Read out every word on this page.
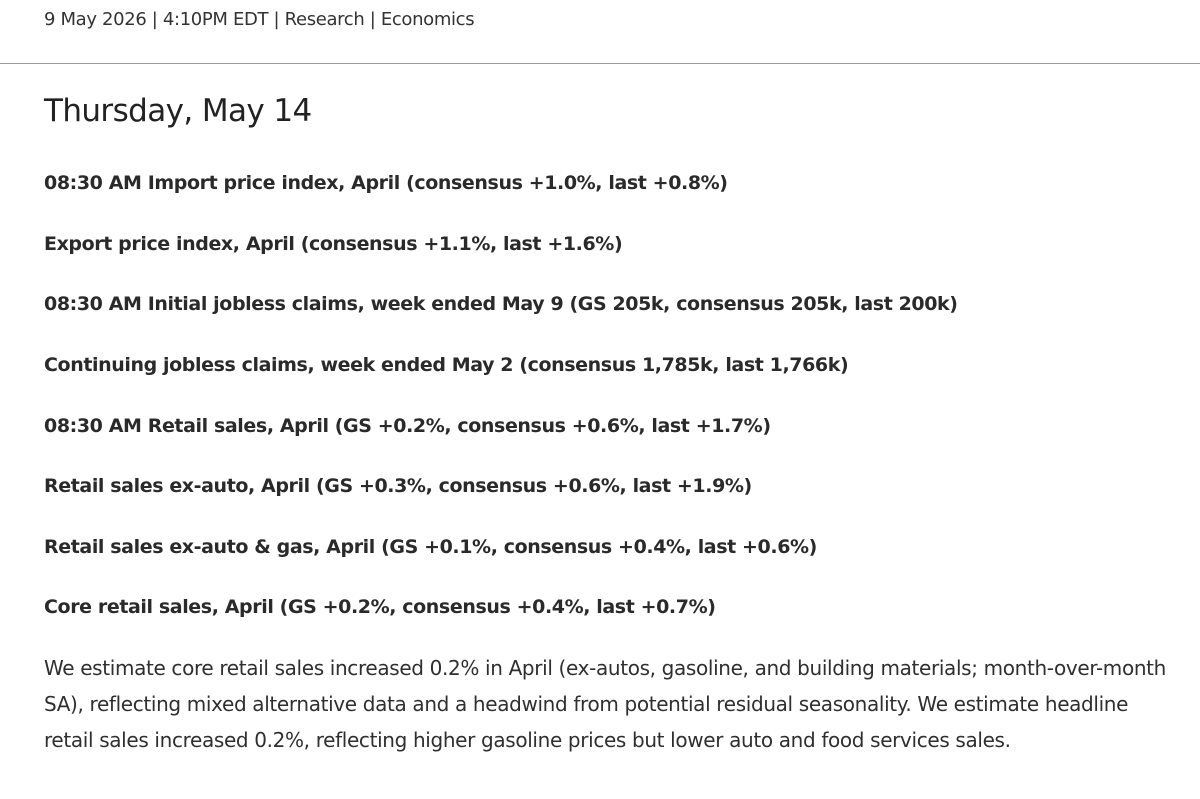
9 May 2026 | 4:10PM EDT | Research | Economics
Thursday, May 14

08:30 AM Import price index, April (consensus +1.0%, last +0.8%)

Export price index, April (consensus +1.1%, last +1.6%)

08:30 AM Initial jobless claims, week ended May 9 (GS 205k, consensus 205k, last 200k)

Continuing jobless claims, week ended May 2 (consensus 1,785k, last 1,766k)

08:30 AM Retail sales, April (GS +0.2%, consensus +0.6%, last +1.7%)

Retail sales ex-auto, April (GS +0.3%, consensus +0.6%, last +1.9%)

Retail sales ex-auto & gas, April (GS +0.1%, consensus +0.4%, last +0.6%)

Core retail sales, April (GS +0.2%, consensus +0.4%, last +0.7%)

We estimate core retail sales increased 0.2% in April (ex-autos, gasoline, and building materials; month-over-month SA), reflecting mixed alternative data and a headwind from potential residual seasonality. We estimate headline retail sales increased 0.2%, reflecting higher gasoline prices but lower auto and food services sales.
